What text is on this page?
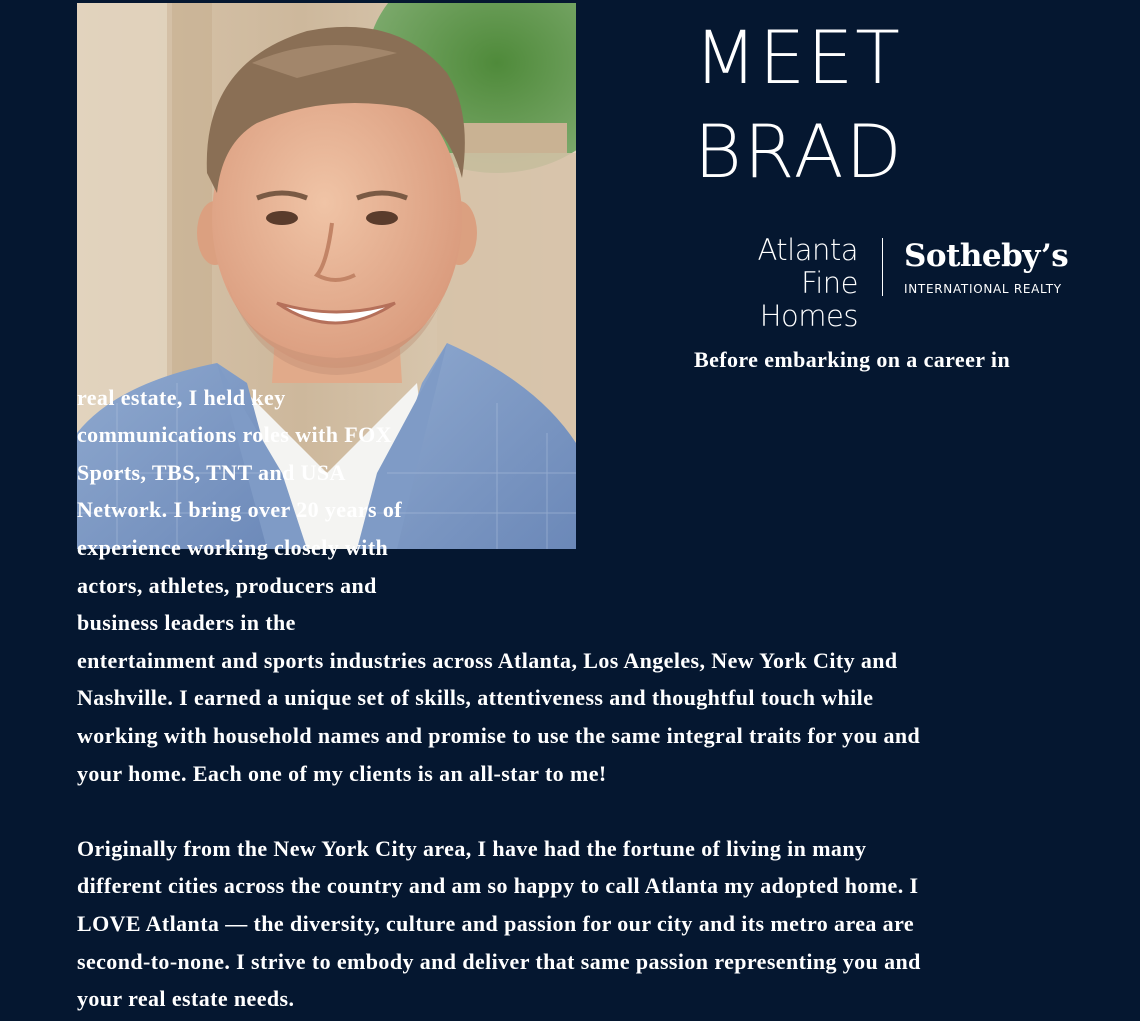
MEET
BRAD
Atlanta Fine
Homes
Sotheby’s
INTERNATIONAL REALTY

Before embarking on a career in
real estate, I held key
communications roles with FOX
Sports, TBS, TNT and USA
Network. I bring over 20 years of
experience working closely with
actors, athletes, producers and
business leaders in the

entertainment and sports industries across Atlanta, Los Angeles, New York City and
Nashville. I earned a unique set of skills, attentiveness and thoughtful touch while
working with household names and promise to use the same integral traits for you and
your home. Each one of my clients is an all-star to me!

Originally from the New York City area, I have had the fortune of living in many
different cities across the country and am so happy to call Atlanta my adopted home. I
LOVE Atlanta — the diversity, culture and passion for our city and its metro area are
second-to-none. I strive to embody and deliver that same passion representing you and
your real estate needs.
